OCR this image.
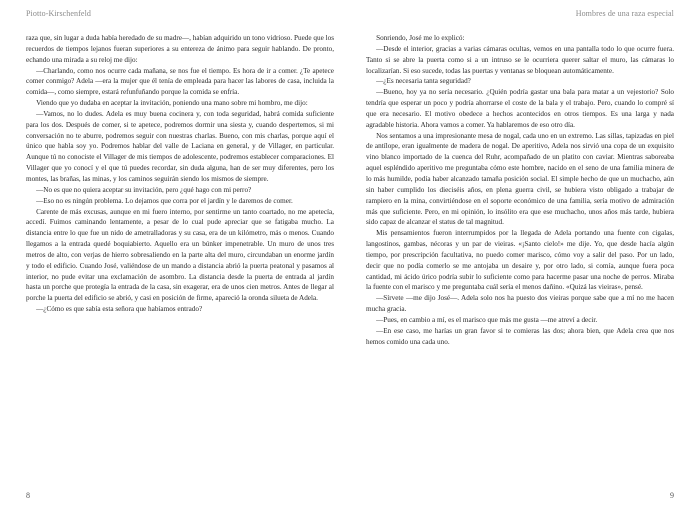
Piotto-Kirschenfeld

raza que, sin lugar a duda había heredado de su madre—, habían adquirido un tono vidrioso. Puede que los recuerdos de tiempos lejanos fueran superiores a su entereza de ánimo para seguir hablando. De pronto, echando una mirada a su reloj me dijo:

—Charlando, como nos ocurre cada mañana, se nos fue el tiempo. Es hora de ir a comer. ¿Te apetece comer conmigo? Adela —era la mujer que él tenía de empleada para hacer las labores de casa, incluida la comida—, como siempre, estará refunfuñando porque la comida se enfría.

Viendo que yo dudaba en aceptar la invitación, poniendo una mano sobre mi hombro, me dijo:

—Vamos, no lo dudes. Adela es muy buena cocinera y, con toda seguridad, habrá comida suficiente para los dos. Después de comer, si te apetece, podremos dormir una siesta y, cuando despertemos, si mi conversación no te aburre, podremos seguir con nuestras charlas. Bueno, con mis charlas, porque aquí el único que habla soy yo. Podremos hablar del valle de Laciana en general, y de Villager, en particular. Aunque tú no conociste el Villager de mis tiempos de adolescente, podremos establecer comparaciones. El Villager que yo conocí y el que tú puedes recordar, sin duda alguna, han de ser muy diferentes, pero los montes, las brañas, las minas, y los caminos seguirán siendo los mismos de siempre.

—No es que no quiera aceptar su invitación, pero ¿qué hago con mi perro?

—Eso no es ningún problema. Lo dejamos que corra por el jardín y le daremos de comer.

Carente de más excusas, aunque en mi fuero interno, por sentirme un tanto coartado, no me apetecía, accedí. Fuimos caminando lentamente, a pesar de lo cual pude apreciar que se fatigaba mucho. La distancia entre lo que fue un nido de ametralladoras y su casa, era de un kilómetro, más o menos. Cuando llegamos a la entrada quedé boquiabierto. Aquello era un búnker impenetrable. Un muro de unos tres metros de alto, con verjas de hierro sobresaliendo en la parte alta del muro, circundaban un enorme jardín y todo el edificio. Cuando José, valiéndose de un mando a distancia abrió la puerta peatonal y pasamos al interior, no pude evitar una exclamación de asombro. La distancia desde la puerta de entrada al jardín hasta un porche que protegía la entrada de la casa, sin exagerar, era de unos cien metros. Antes de llegar al porche la puerta del edificio se abrió, y casi en posición de firme, apareció la oronda silueta de Adela.

—¿Cómo es que sabía esta señora que habíamos entrado?

8
Hombres de una raza especial

Sonriendo, José me lo explicó:

—Desde el interior, gracias a varias cámaras ocultas, vemos en una pantalla todo lo que ocurre fuera. Tanto si se abre la puerta como si a un intruso se le ocurriera querer saltar el muro, las cámaras lo localizarían. Si eso sucede, todas las puertas y ventanas se bloquean automáticamente.

—¿Es necesaria tanta seguridad?

—Bueno, hoy ya no sería necesario. ¿Quién podría gastar una bala para matar a un vejestorio? Solo tendría que esperar un poco y podría ahorrarse el coste de la bala y el trabajo. Pero, cuando lo compré sí que era necesario. El motivo obedece a hechos acontecidos en otros tiempos. Es una larga y nada agradable historia. Ahora vamos a comer. Ya hablaremos de eso otro día.

Nos sentamos a una impresionante mesa de nogal, cada uno en un extremo. Las sillas, tapizadas en piel de antílope, eran igualmente de madera de nogal. De aperitivo, Adela nos sirvió una copa de un exquisito vino blanco importado de la cuenca del Ruhr, acompañado de un platito con caviar. Mientras saboreaba aquel espléndido aperitivo me preguntaba cómo este hombre, nacido en el seno de una familia minera de lo más humilde, podía haber alcanzado tamaña posición social. El simple hecho de que un muchacho, aún sin haber cumplido los dieciséis años, en plena guerra civil, se hubiera visto obligado a trabajar de rampiero en la mina, convirtiéndose en el soporte económico de una familia, sería motivo de admiración más que suficiente. Pero, en mi opinión, lo insólito era que ese muchacho, unos años más tarde, hubiera sido capaz de alcanzar el status de tal magnitud.

Mis pensamientos fueron interrumpidos por la llegada de Adela portando una fuente con cigalas, langostinos, gambas, nécoras y un par de vieiras. «¡Santo cielo!» me dije. Yo, que desde hacía algún tiempo, por prescripción facultativa, no puedo comer marisco, cómo voy a salir del paso. Por un lado, decir que no podía comerlo se me antojaba un desaire y, por otro lado, si comía, aunque fuera poca cantidad, mi ácido úrico podría subir lo suficiente como para hacerme pasar una noche de perros. Miraba la fuente con el marisco y me preguntaba cuál sería el menos dañino. «Quizá las vieiras», pensé.

—Sírvete —me dijo José—. Adela solo nos ha puesto dos vieiras porque sabe que a mí no me hacen mucha gracia.

—Pues, en cambio a mí, es el marisco que más me gusta —me atreví a decir.

—En ese caso, me harías un gran favor si te comieras las dos; ahora bien, que Adela crea que nos hemos comido una cada uno.

9
